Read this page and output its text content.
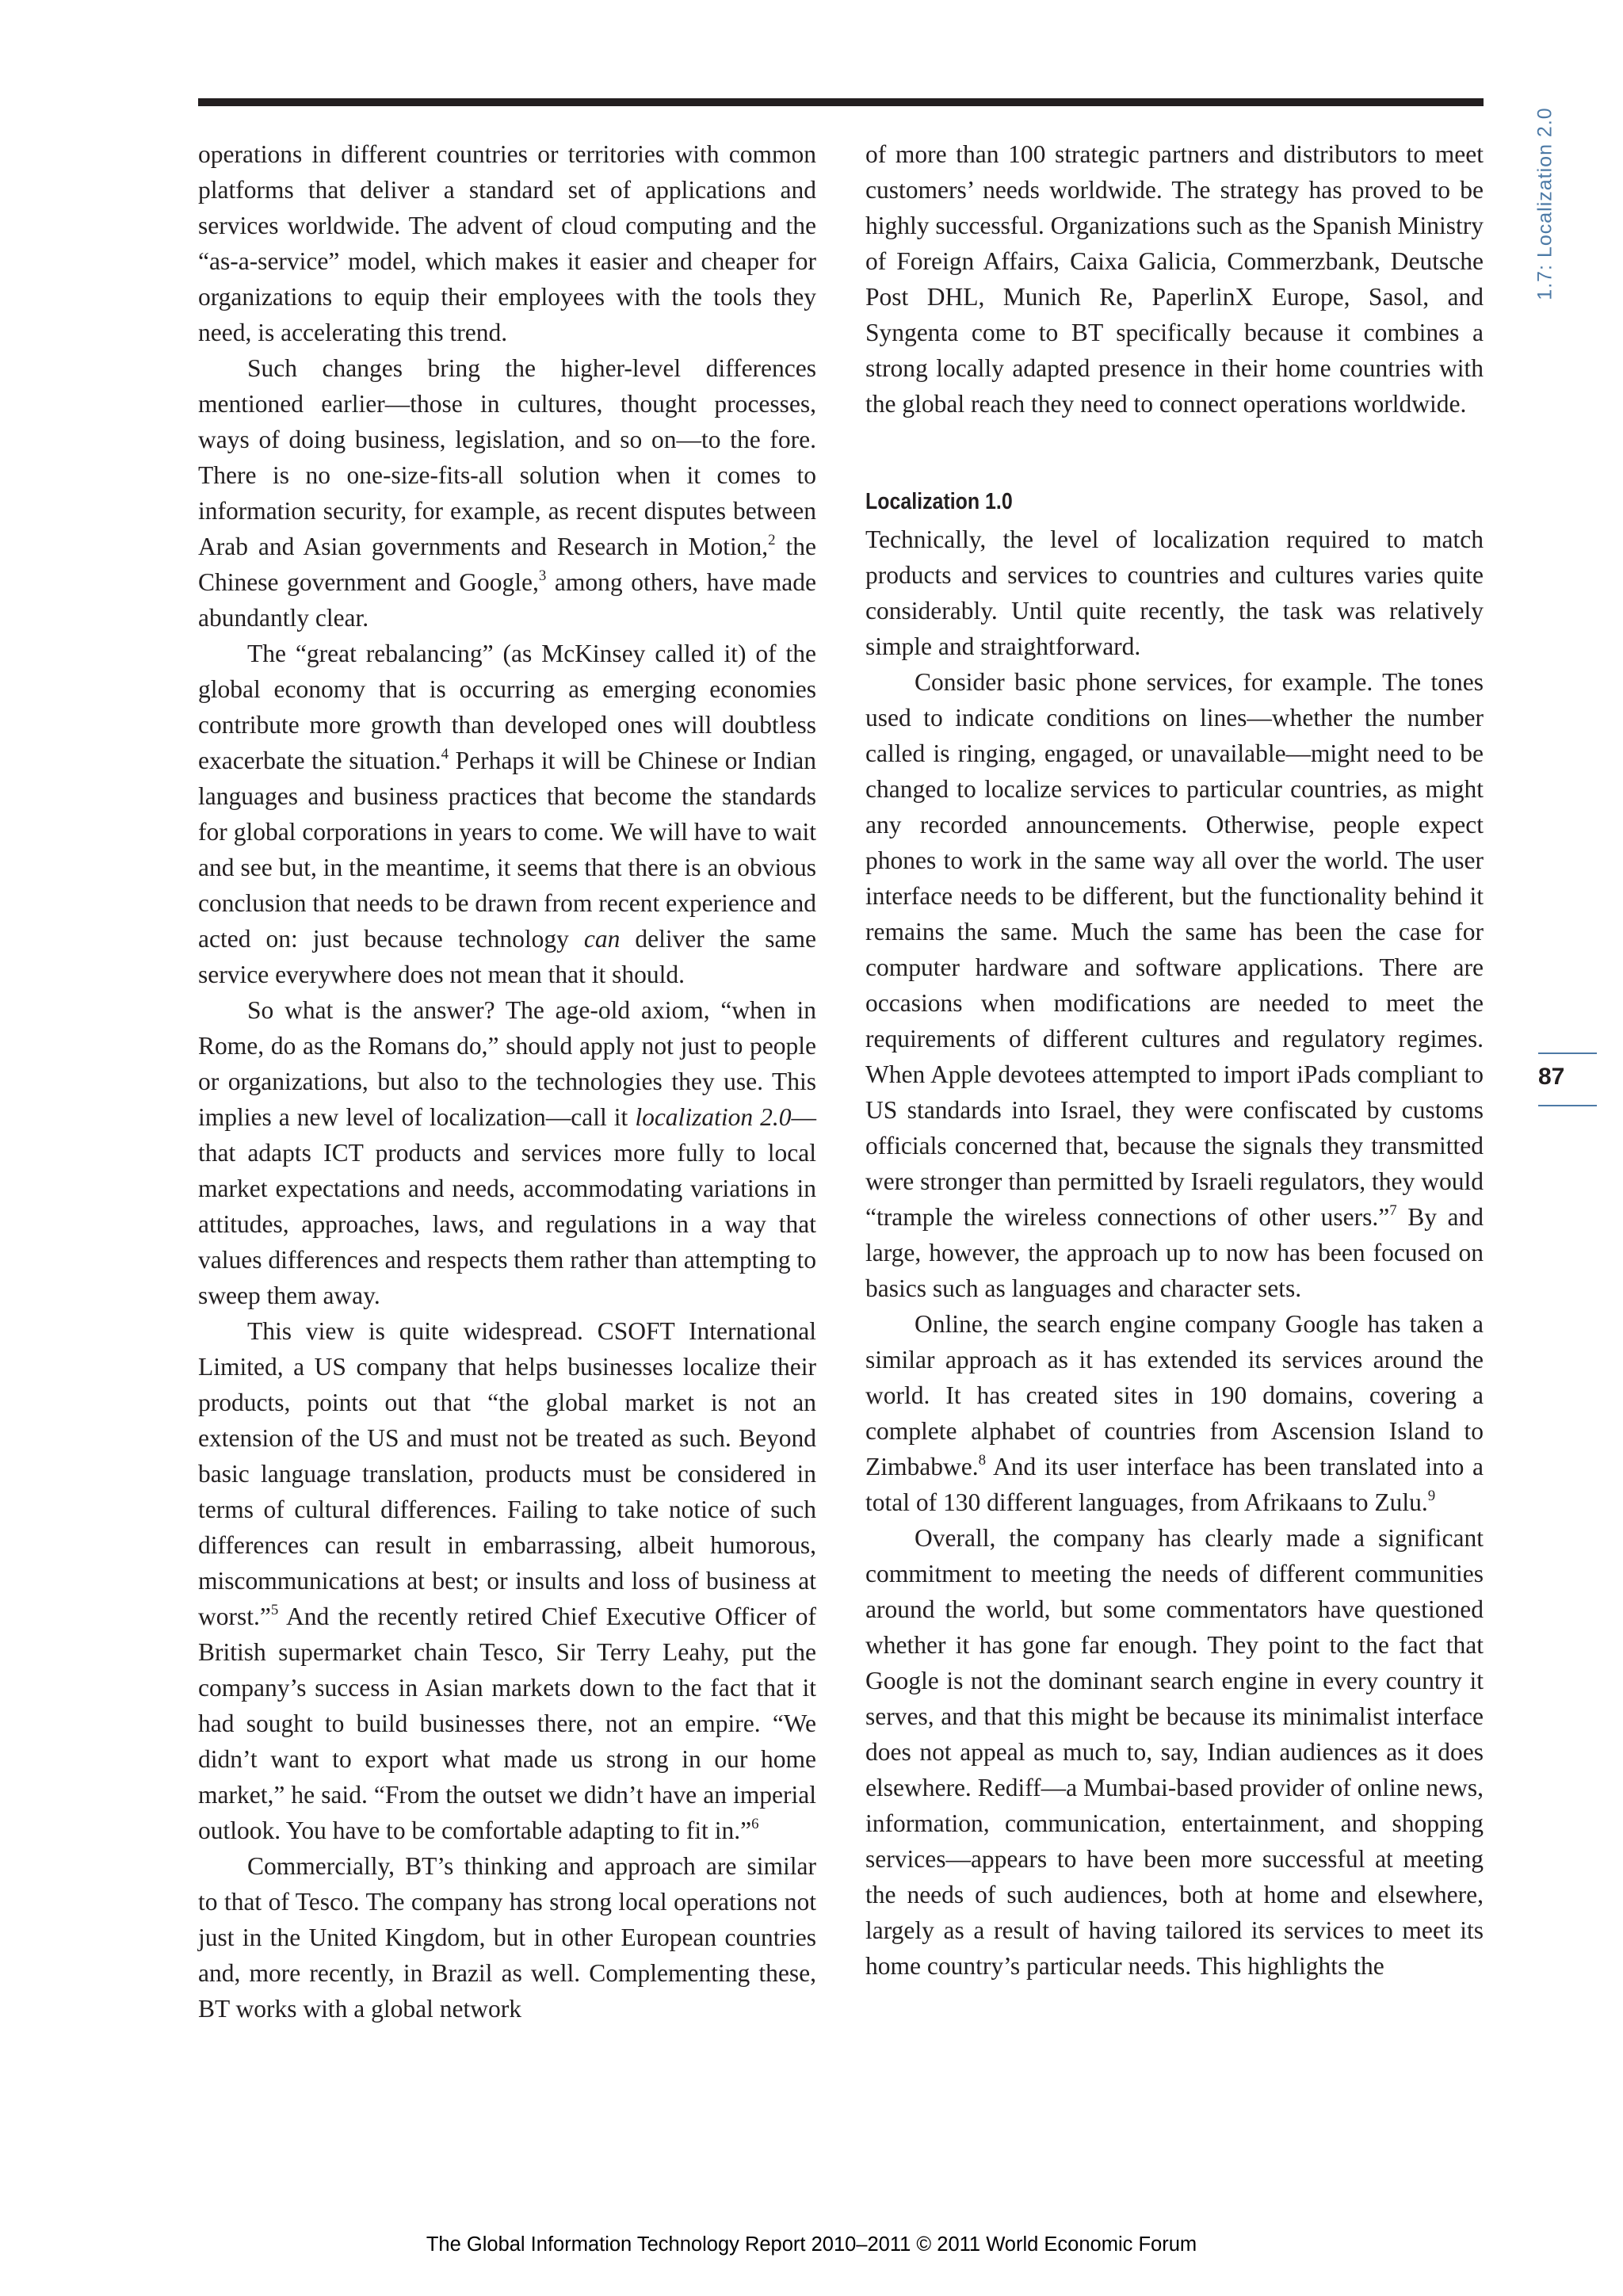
1.7: Localization 2.0
87

operations in different countries or territories with common platforms that deliver a standard set of applications and services worldwide. The advent of cloud computing and the “as-a-service” model, which makes it easier and cheaper for organizations to equip their employees with the tools they need, is accelerating this trend.

Such changes bring the higher-level differences mentioned earlier—those in cultures, thought processes, ways of doing business, legislation, and so on—to the fore. There is no one-size-fits-all solution when it comes to information security, for example, as recent disputes between Arab and Asian governments and Research in Motion,$^2$ the Chinese government and Google,$^3$ among others, have made abundantly clear.

The “great rebalancing” (as McKinsey called it) of the global economy that is occurring as emerging economies contribute more growth than developed ones will doubtless exacerbate the situation.$^4$ Perhaps it will be Chinese or Indian languages and business practices that become the standards for global corporations in years to come. We will have to wait and see but, in the meantime, it seems that there is an obvious conclusion that needs to be drawn from recent experience and acted on: just because technology can deliver the same service everywhere does not mean that it should.

So what is the answer? The age-old axiom, “when in Rome, do as the Romans do,” should apply not just to people or organizations, but also to the technologies they use. This implies a new level of localization—call it localization 2.0—that adapts ICT products and services more fully to local market expectations and needs, accommodating variations in attitudes, approaches, laws, and regulations in a way that values differences and respects them rather than attempting to sweep them away.

This view is quite widespread. CSOFT International Limited, a US company that helps businesses localize their products, points out that “the global market is not an extension of the US and must not be treated as such. Beyond basic language translation, products must be considered in terms of cultural differences. Failing to take notice of such differences can result in embarrassing, albeit humorous, miscommunications at best; or insults and loss of business at worst.”$^5$ And the recently retired Chief Executive Officer of British supermarket chain Tesco, Sir Terry Leahy, put the company’s success in Asian markets down to the fact that it had sought to build businesses there, not an empire. “We didn’t want to export what made us strong in our home market,” he said. “From the outset we didn’t have an imperial outlook. You have to be comfortable adapting to fit in.”$^6$

Commercially, BT’s thinking and approach are similar to that of Tesco. The company has strong local operations not just in the United Kingdom, but in other European countries and, more recently, in Brazil as well. Complementing these, BT works with a global network

of more than 100 strategic partners and distributors to meet customers’ needs worldwide. The strategy has proved to be highly successful. Organizations such as the Spanish Ministry of Foreign Affairs, Caixa Galicia, Commerzbank, Deutsche Post DHL, Munich Re, PaperlinX Europe, Sasol, and Syngenta come to BT specifically because it combines a strong locally adapted presence in their home countries with the global reach they need to connect operations worldwide.

Localization 1.0

Technically, the level of localization required to match products and services to countries and cultures varies quite considerably. Until quite recently, the task was relatively simple and straightforward.

Consider basic phone services, for example. The tones used to indicate conditions on lines—whether the number called is ringing, engaged, or unavailable—might need to be changed to localize services to particular countries, as might any recorded announcements. Otherwise, people expect phones to work in the same way all over the world. The user interface needs to be different, but the functionality behind it remains the same. Much the same has been the case for computer hardware and software applications. There are occasions when modifications are needed to meet the requirements of different cultures and regulatory regimes. When Apple devotees attempted to import iPads compliant to US standards into Israel, they were confiscated by customs officials concerned that, because the signals they transmitted were stronger than permitted by Israeli regulators, they would “trample the wireless connections of other users.”$^7$ By and large, however, the approach up to now has been focused on basics such as languages and character sets.

Online, the search engine company Google has taken a similar approach as it has extended its services around the world. It has created sites in 190 domains, covering a complete alphabet of countries from Ascension Island to Zimbabwe.$^8$ And its user interface has been translated into a total of 130 different languages, from Afrikaans to Zulu.$^9$

Overall, the company has clearly made a significant commitment to meeting the needs of different communities around the world, but some commentators have questioned whether it has gone far enough. They point to the fact that Google is not the dominant search engine in every country it serves, and that this might be because its minimalist interface does not appeal as much to, say, Indian audiences as it does elsewhere. Rediff—a Mumbai-based provider of online news, information, communication, entertainment, and shopping services—appears to have been more successful at meeting the needs of such audiences, both at home and elsewhere, largely as a result of having tailored its services to meet its home country’s particular needs. This highlights the

The Global Information Technology Report 2010–2011 © 2011 World Economic Forum
